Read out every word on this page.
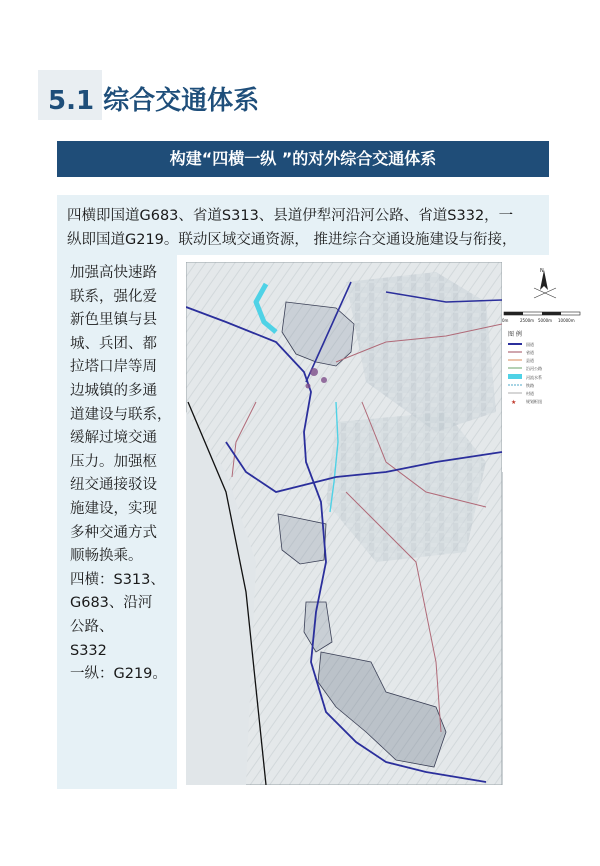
5.1 综合交通体系
构建“四横一纵 ”的对外综合交通体系
四横即国道G683、省道S313、县道伊犁河沿河公路、省道S332，一
纵即国道G219。联动区域交通资源， 推进综合交通设施建设与衔接，
加强高快速路
联系，强化爱
新色里镇与县
城、兵团、都
拉塔口岸等周
边城镇的多通
道建设与联系，
缓解过境交通
压力。加强枢
纽交通接驳设
施建设，实现
多种交通方式
顺畅换乘。
四横：S313、
G683、沿河
公路、
S332
一纵：G219。
N
0m	2500m 5000m 10000m
图 例
国道
省道
县道
沿河公路
河流水系
铁路
村道
★ 规划枢纽
